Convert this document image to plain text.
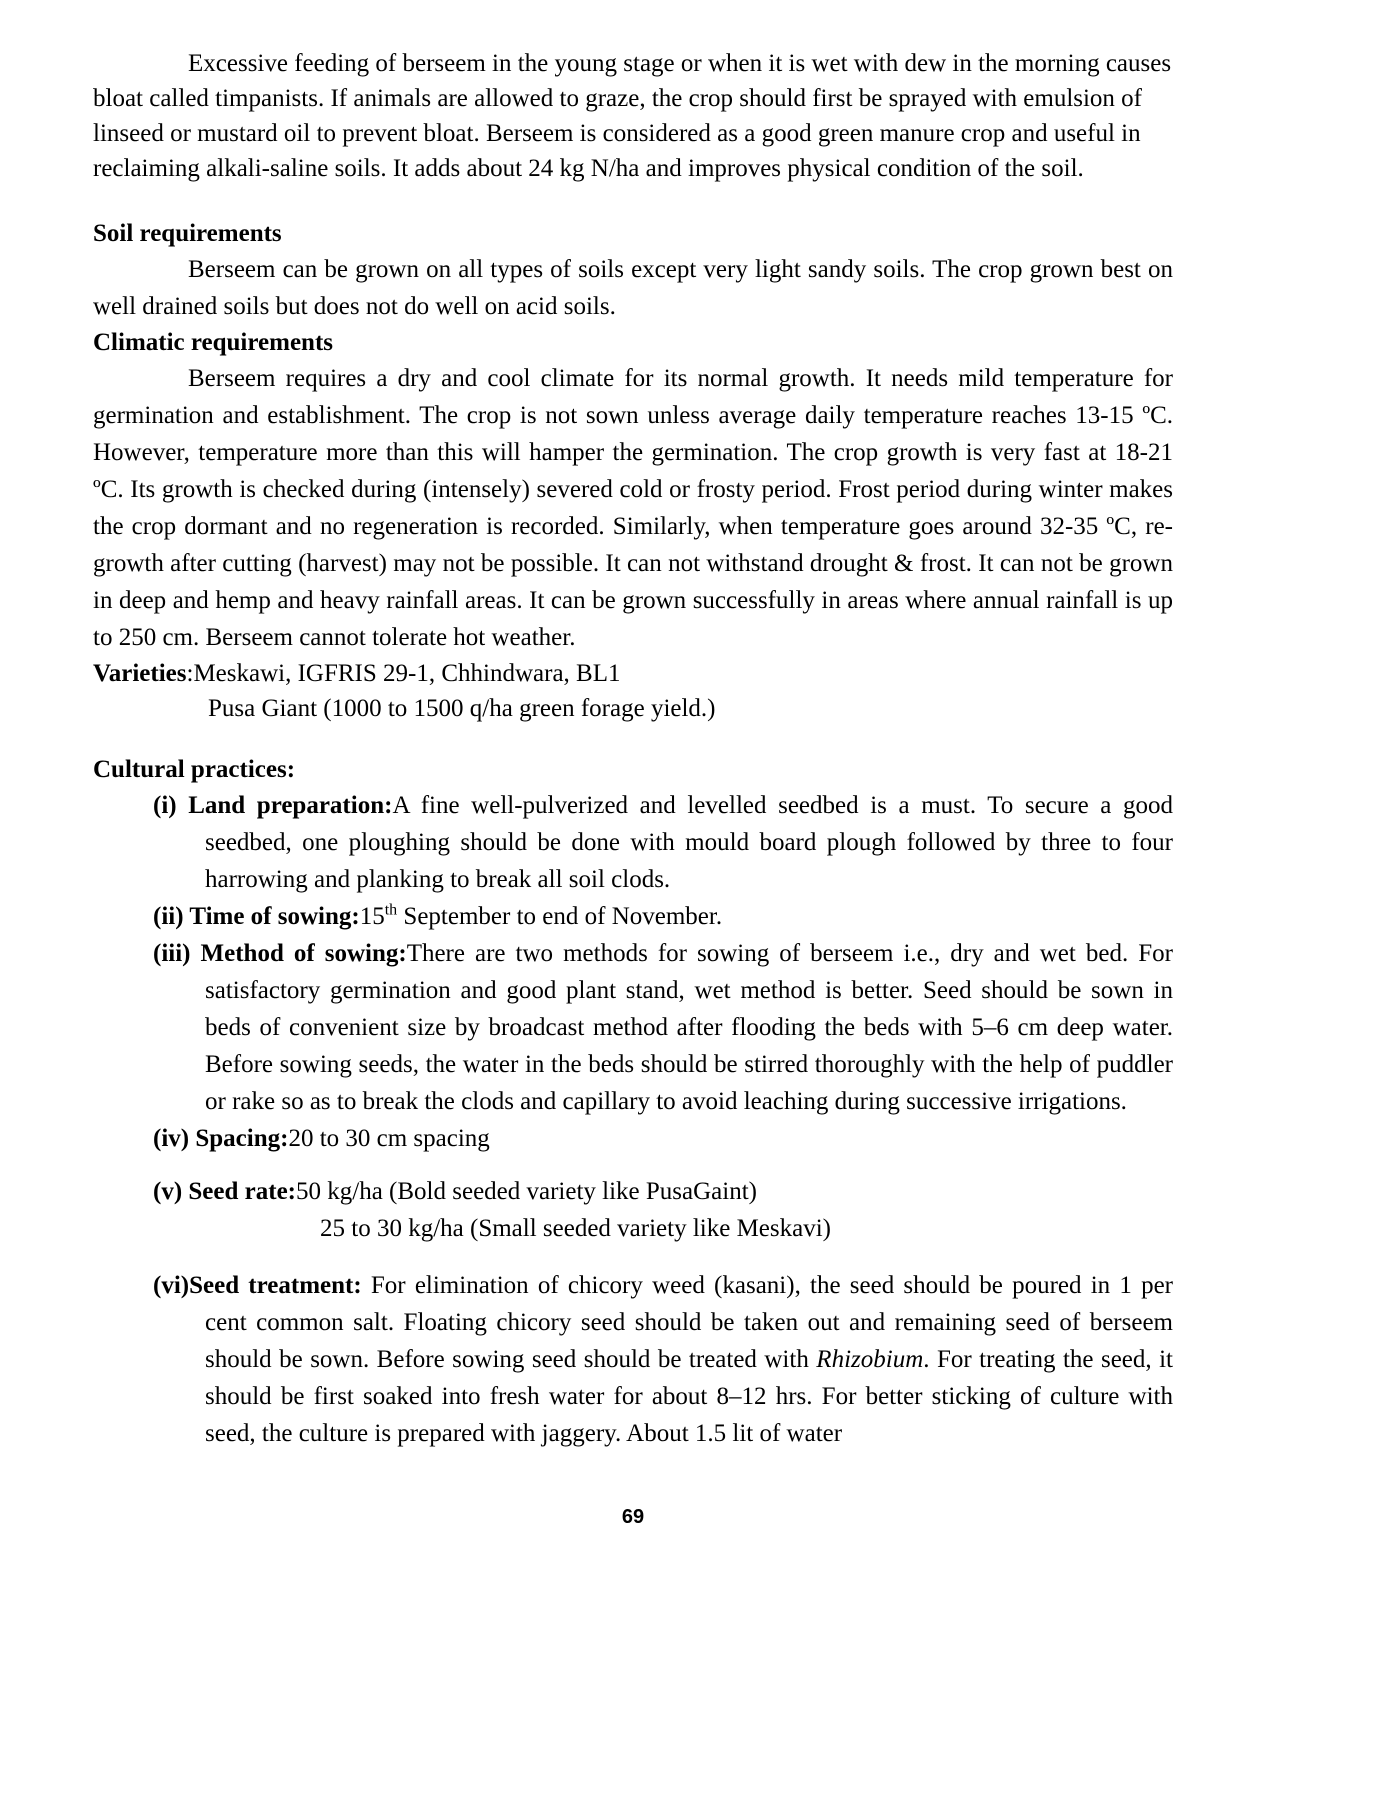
Excessive feeding of berseem in the young stage or when it is wet with dew in the morning causes bloat called timpanists. If animals are allowed to graze, the crop should first be sprayed with emulsion of linseed or mustard oil to prevent bloat. Berseem is considered as a good green manure crop and useful in reclaiming alkali-saline soils. It adds about 24 kg N/ha and improves physical condition of the soil.

Soil requirements

Berseem can be grown on all types of soils except very light sandy soils. The crop grown best on well drained soils but does not do well on acid soils.

Climatic requirements

Berseem requires a dry and cool climate for its normal growth. It needs mild temperature for germination and establishment. The crop is not sown unless average daily temperature reaches 13-15 ºC. However, temperature more than this will hamper the germination. The crop growth is very fast at 18-21 ºC. Its growth is checked during (intensely) severed cold or frosty period. Frost period during winter makes the crop dormant and no regeneration is recorded. Similarly, when temperature goes around 32-35 ºC, re-growth after cutting (harvest) may not be possible. It can not withstand drought & frost. It can not be grown in deep and hemp and heavy rainfall areas. It can be grown successfully in areas where annual rainfall is up to 250 cm. Berseem cannot tolerate hot weather.

Varieties:Meskawi, IGFRIS 29-1, Chhindwara, BL1

Pusa Giant (1000 to 1500 q/ha green forage yield.)

Cultural practices:

(i) Land preparation:A fine well-pulverized and levelled seedbed is a must. To secure a good seedbed, one ploughing should be done with mould board plough followed by three to four harrowing and planking to break all soil clods.

(ii) Time of sowing:15th September to end of November.

(iii) Method of sowing:There are two methods for sowing of berseem i.e., dry and wet bed. For satisfactory germination and good plant stand, wet method is better. Seed should be sown in beds of convenient size by broadcast method after flooding the beds with 5–6 cm deep water. Before sowing seeds, the water in the beds should be stirred thoroughly with the help of puddler or rake so as to break the clods and capillary to avoid leaching during successive irrigations.

(iv) Spacing:20 to 30 cm spacing

(v) Seed rate:50 kg/ha (Bold seeded variety like PusaGaint)

25 to 30 kg/ha (Small seeded variety like Meskavi)

(vi)Seed treatment: For elimination of chicory weed (kasani), the seed should be poured in 1 per cent common salt. Floating chicory seed should be taken out and remaining seed of berseem should be sown. Before sowing seed should be treated with Rhizobium. For treating the seed, it should be first soaked into fresh water for about 8–12 hrs. For better sticking of culture with seed, the culture is prepared with jaggery. About 1.5 lit of water

69
